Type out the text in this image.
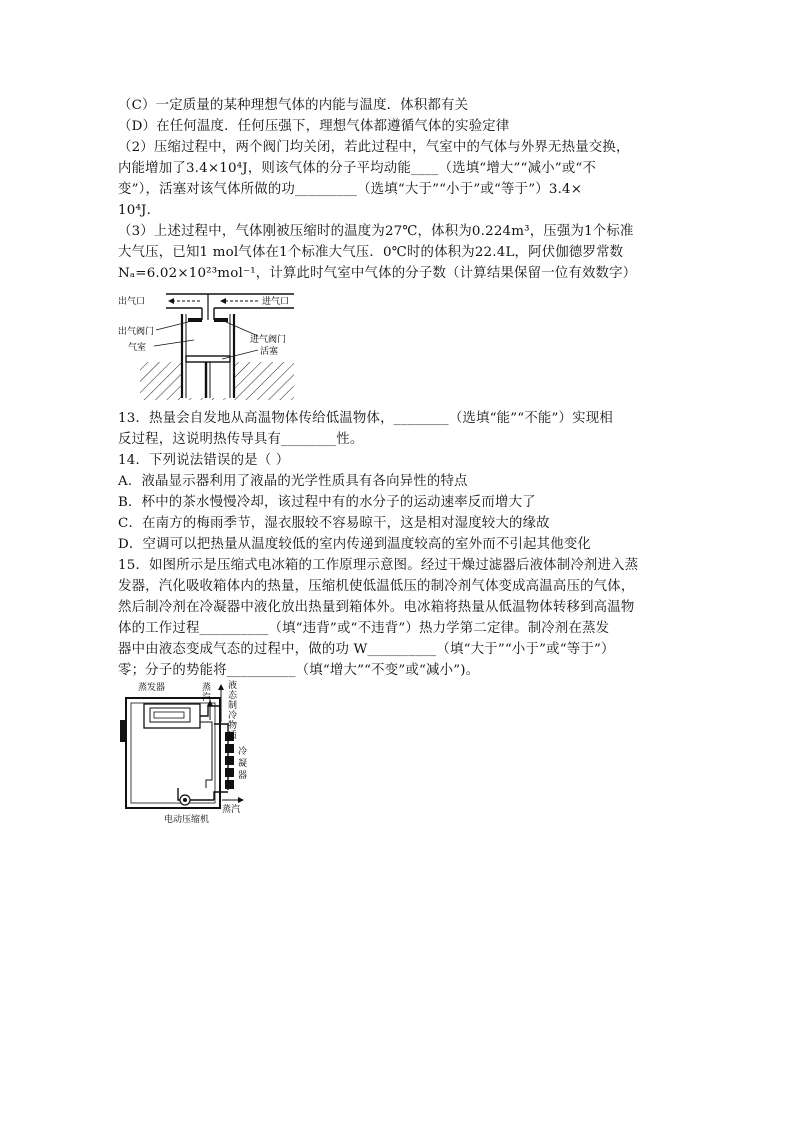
（C）一定质量的某种理想气体的内能与温度．体积都有关
（D）在任何温度．任何压强下，理想气体都遵循气体的实验定律
（2）压缩过程中，两个阀门均关闭，若此过程中，气室中的气体与外界无热量交换，
内能增加了3.4×10⁴J，则该气体的分子平均动能____（选填“增大”“减小”或“不
变”），活塞对该气体所做的功_________（选填“大于”“小于”或“等于”）3.4×
10⁴J．
（3）上述过程中，气体刚被压缩时的温度为27℃，体积为0.224m³，压强为1个标准
大气压，已知1 mol气体在1个标准大气压．0℃时的体积为22.4L，阿伏伽德罗常数
Nₐ=6.02×10²³mol⁻¹，计算此时气室中气体的分子数（计算结果保留一位有效数字）
出气口	进气口
出气阀门
进气阀门
气室	活塞
13．热量会自发地从高温物体传给低温物体，________（选填“能”“不能”）实现相
反过程，这说明热传导具有________性。
14．下列说法错误的是（ ）
A．液晶显示器利用了液晶的光学性质具有各向异性的特点
B．杯中的茶水慢慢冷却，该过程中有的水分子的运动速率反而增大了
C．在南方的梅雨季节，湿衣服较不容易晾干，这是相对湿度较大的缘故
D．空调可以把热量从温度较低的室内传递到温度较高的室外而不引起其他变化
15．如图所示是压缩式电冰箱的工作原理示意图。经过干燥过滤器后液体制冷剂进入蒸
发器，汽化吸收箱体内的热量，压缩机使低温低压的制冷剂气体变成高温高压的气体，
然后制冷剂在冷凝器中液化放出热量到箱体外。电冰箱将热量从低温物体转移到高温物
体的工作过程__________（填“违背”或“不违背”）热力学第二定律。制冷剂在蒸发
器中由液态变成气态的过程中，做的功 W__________（填“大于”“小于”或“等于”）
零；分子的势能将__________（填“增大”“不变”或“减小”)。
蒸发器	蒸
汽
液
态
制
冷
物
质
冷
凝
器
蒸汽
电动压缩机
